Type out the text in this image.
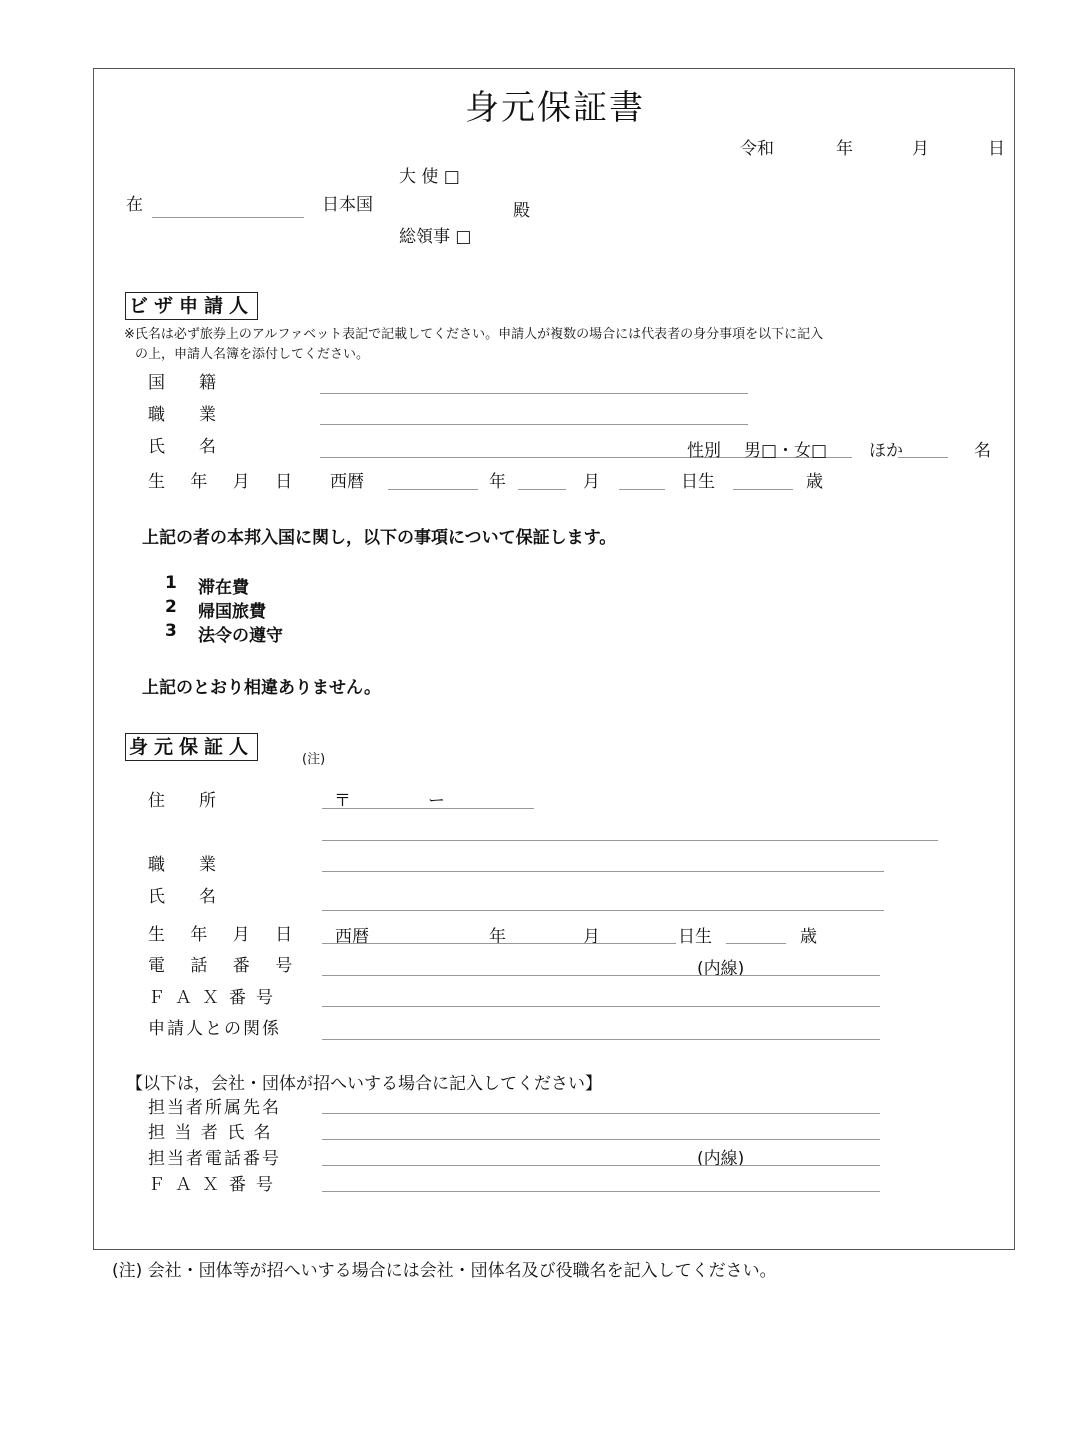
身元保証書
令和	年	月	日
大 使 □
在	日本国	殿
総領事 □
ビザ申請人
※氏名は必ず旅券上のアルファベット表記で記載してください。申請人が複数の場合には代表者の身分事項を以下に記入
の上，申請人名簿を添付してください。
国　　籍
職　　業
氏　　名	性別 男□・女□ ほか	名
生 年 月 日 西暦	年	月	日生	歳
上記の者の本邦入国に関し，以下の事項について保証します。
1 滞在費
2 帰国旅費
3 法令の遵守
上記のとおり相違ありません。
身元保証人
(注)
住　　所	〒	ー
職　　業
氏　　名
生 年 月 日 西暦	年	月	日生	歳
電 話 番 号	(内線)
ＦＡＸ番号
申請人との関係
【以下は，会社・団体が招へいする場合に記入してください】
担当者所属先名
担 当 者 氏 名
担当者電話番号	(内線)
ＦＡＸ番号
(注) 会社・団体等が招へいする場合には会社・団体名及び役職名を記入してください。
